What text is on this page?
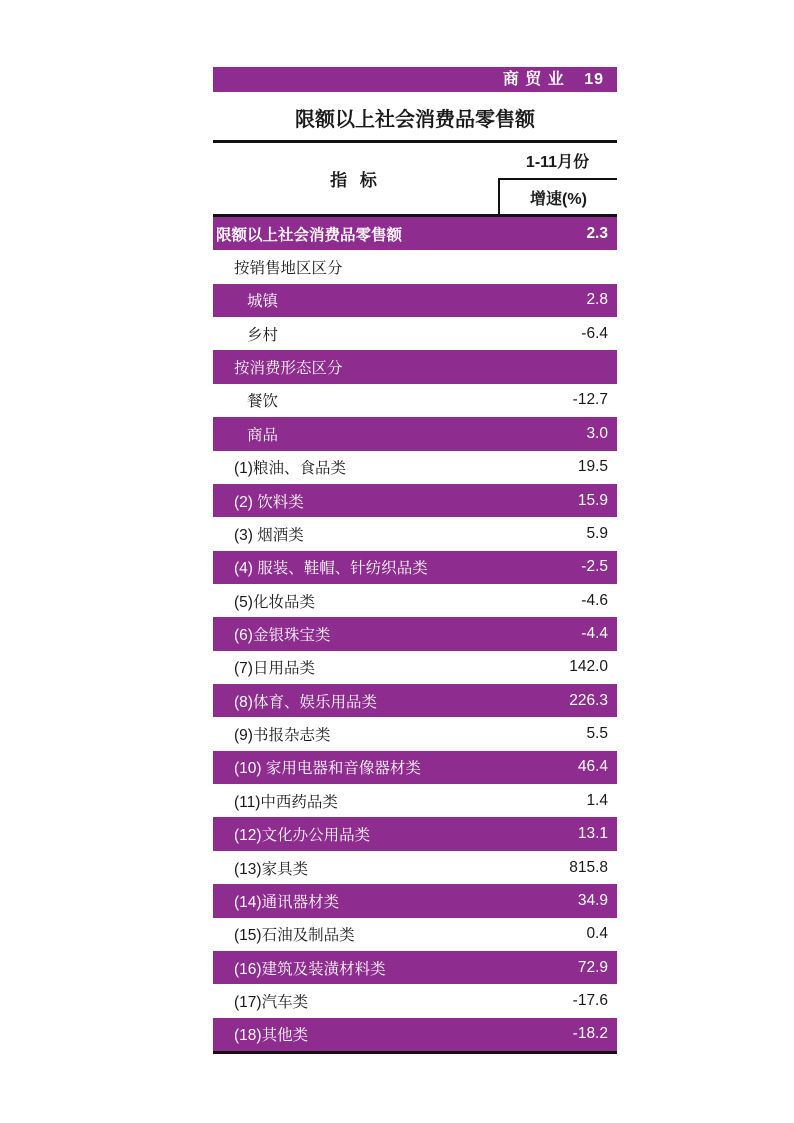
商 贸 业 19
限额以上社会消费品零售额
指 标
1-11月份
增速(%)
限额以上社会消费品零售额	2.3
按销售地区区分
城镇	2.8
乡村	-6.4
按消费形态区分
餐饮	-12.7
商品	3.0
(1)粮油、食品类	19.5
(2) 饮料类	15.9
(3) 烟酒类	5.9
(4) 服装、鞋帽、针纺织品类	-2.5
(5)化妆品类	-4.6
(6)金银珠宝类	-4.4
(7)日用品类	142.0
(8)体育、娱乐用品类	226.3
(9)书报杂志类	5.5
(10) 家用电器和音像器材类	46.4
(11)中西药品类	1.4
(12)文化办公用品类	13.1
(13)家具类	815.8
(14)通讯器材类	34.9
(15)石油及制品类	0.4
(16)建筑及装潢材料类	72.9
(17)汽车类	-17.6
(18)其他类	-18.2
